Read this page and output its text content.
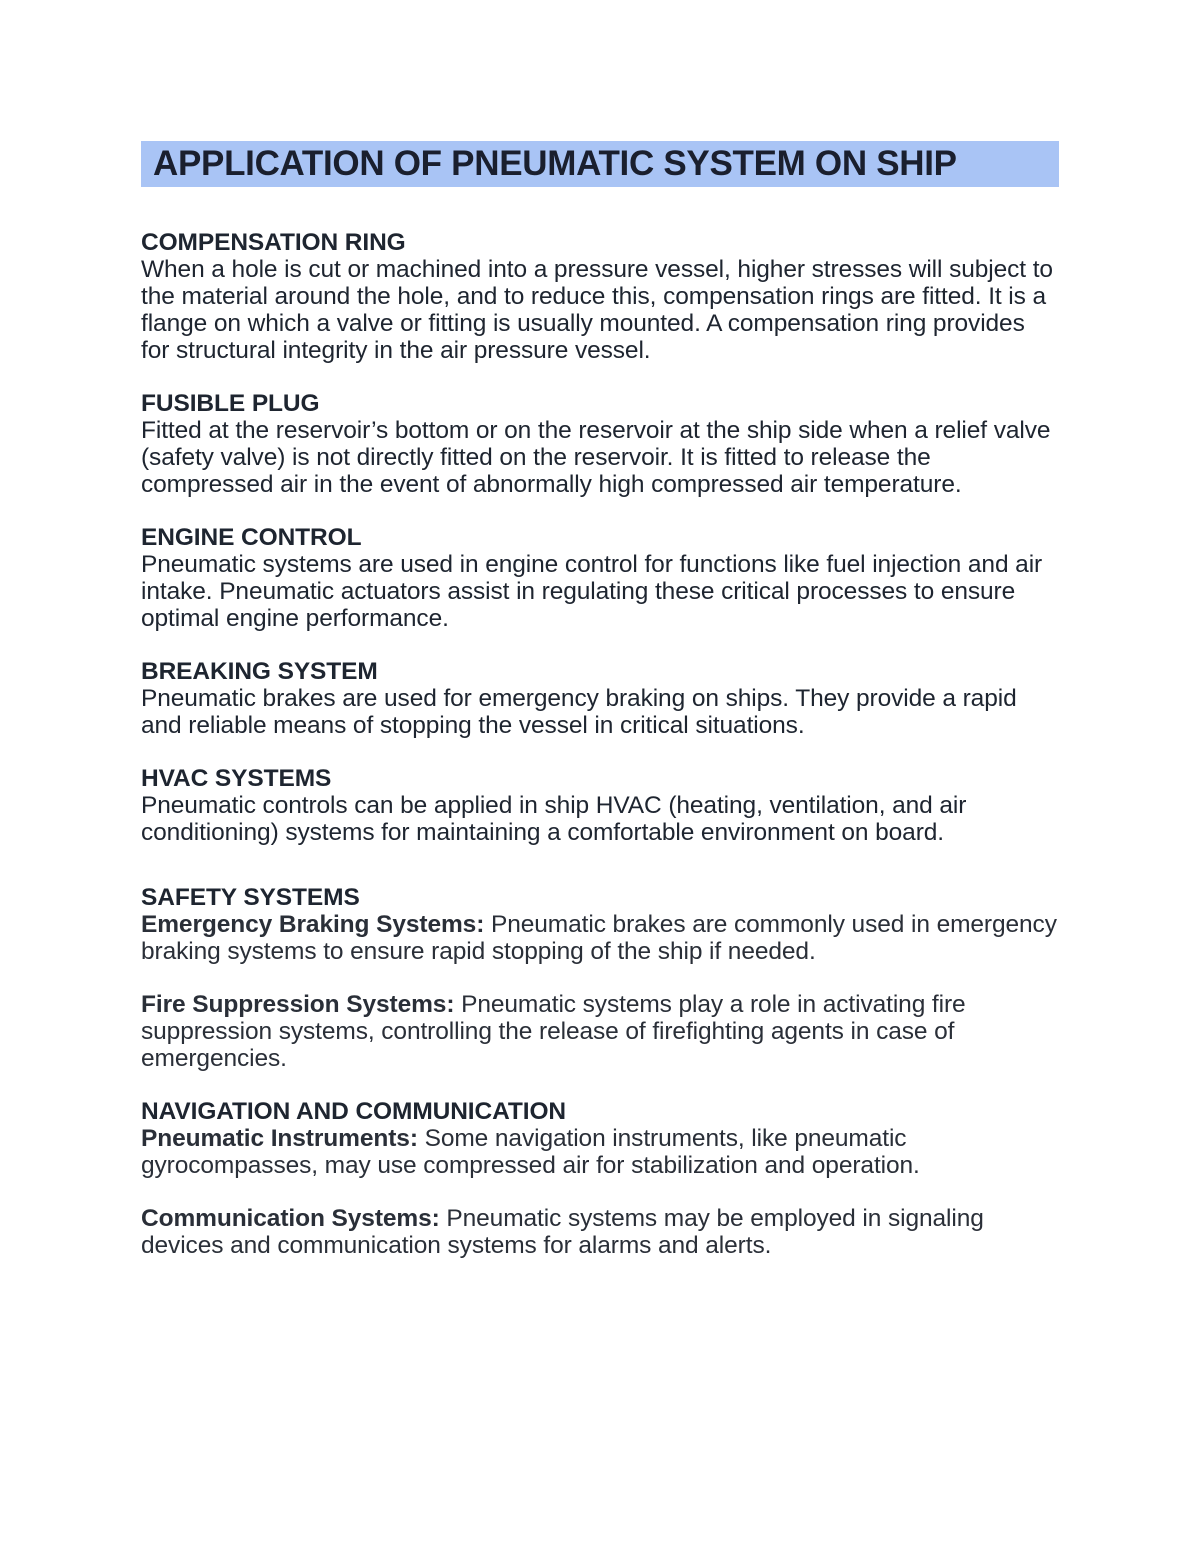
APPLICATION OF PNEUMATIC SYSTEM ON SHIP
COMPENSATION RING
When a hole is cut or machined into a pressure vessel, higher stresses will subject to the material around the hole, and to reduce this, compensation rings are fitted. It is a flange on which a valve or fitting is usually mounted. A compensation ring provides for structural integrity in the air pressure vessel.
FUSIBLE PLUG
Fitted at the reservoir’s bottom or on the reservoir at the ship side when a relief valve (safety valve) is not directly fitted on the reservoir. It is fitted to release the compressed air in the event of abnormally high compressed air temperature.
ENGINE CONTROL
Pneumatic systems are used in engine control for functions like fuel injection and air intake. Pneumatic actuators assist in regulating these critical processes to ensure optimal engine performance.
BREAKING SYSTEM
Pneumatic brakes are used for emergency braking on ships. They provide a rapid and reliable means of stopping the vessel in critical situations.
HVAC SYSTEMS
Pneumatic controls can be applied in ship HVAC (heating, ventilation, and air conditioning) systems for maintaining a comfortable environment on board.
SAFETY SYSTEMS
Emergency Braking Systems: Pneumatic brakes are commonly used in emergency braking systems to ensure rapid stopping of the ship if needed.
Fire Suppression Systems: Pneumatic systems play a role in activating fire suppression systems, controlling the release of firefighting agents in case of emergencies.
NAVIGATION AND COMMUNICATION
Pneumatic Instruments: Some navigation instruments, like pneumatic gyrocompasses, may use compressed air for stabilization and operation.
Communication Systems: Pneumatic systems may be employed in signaling devices and communication systems for alarms and alerts.
